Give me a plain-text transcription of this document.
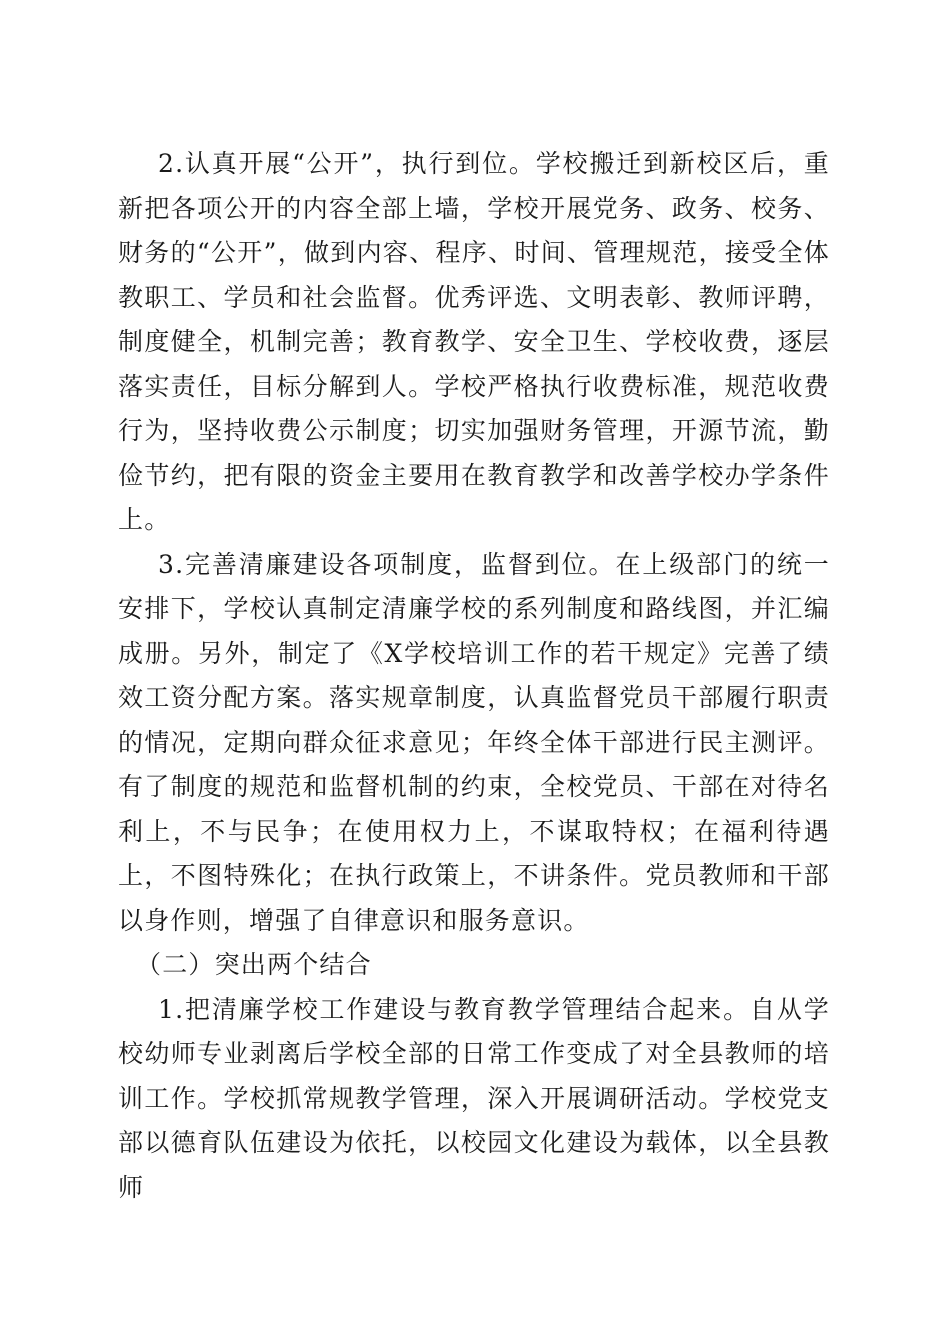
2.认真开展“公开”，执行到位。学校搬迁到新校区后，重新把各项公开的内容全部上墙，学校开展党务、政务、校务、财务的“公开”，做到内容、程序、时间、管理规范，接受全体教职工、学员和社会监督。优秀评选、文明表彰、教师评聘，制度健全，机制完善；教育教学、安全卫生、学校收费，逐层落实责任，目标分解到人。学校严格执行收费标准，规范收费行为，坚持收费公示制度；切实加强财务管理，开源节流，勤俭节约，把有限的资金主要用在教育教学和改善学校办学条件上。

3.完善清廉建设各项制度，监督到位。在上级部门的统一安排下，学校认真制定清廉学校的系列制度和路线图，并汇编成册。另外，制定了《X学校培训工作的若干规定》完善了绩效工资分配方案。落实规章制度，认真监督党员干部履行职责的情况，定期向群众征求意见；年终全体干部进行民主测评。有了制度的规范和监督机制的约束，全校党员、干部在对待名利上，不与民争；在使用权力上，不谋取特权；在福利待遇上，不图特殊化；在执行政策上，不讲条件。党员教师和干部以身作则，增强了自律意识和服务意识。

（二）突出两个结合

1.把清廉学校工作建设与教育教学管理结合起来。自从学校幼师专业剥离后学校全部的日常工作变成了对全县教师的培训工作。学校抓常规教学管理，深入开展调研活动。学校党支部以德育队伍建设为依托，以校园文化建设为载体，以全县教师
